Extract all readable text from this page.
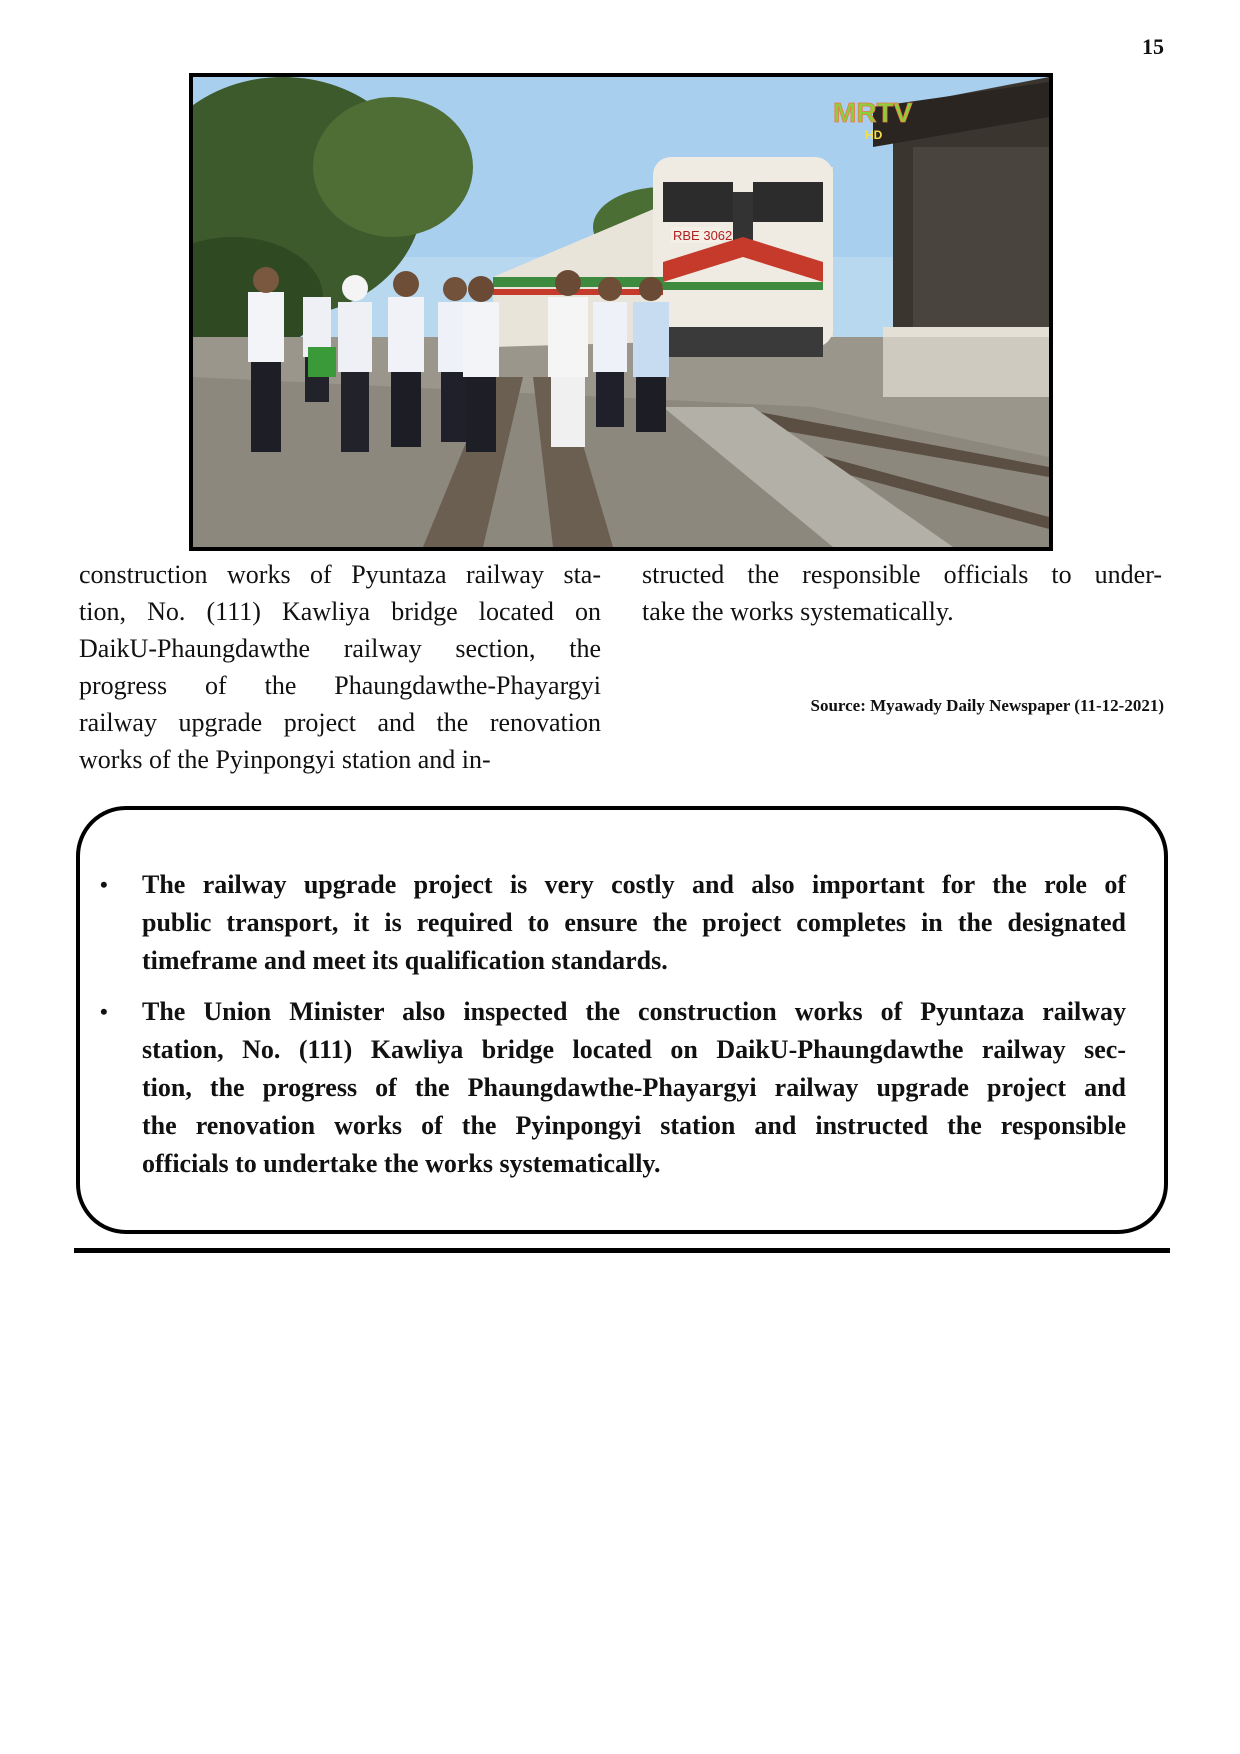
15
RBE 3062
MRTV
HD
construction works of Pyuntaza railway sta-
tion, No. (111) Kawliya bridge located on
DaikU-Phaungdawthe railway section, the
progress of the Phaungdawthe-Phayargyi
railway upgrade project and the renovation
works of the Pyinpongyi station and in-
structed the responsible officials to under-
take the works systematically.
Source: Myawady Daily Newspaper (11-12-2021)
• The railway upgrade project is very costly and also important for the role of
public transport, it is required to ensure the project completes in the designated
timeframe and meet its qualification standards.
• The Union Minister also inspected the construction works of Pyuntaza railway
station, No. (111) Kawliya bridge located on DaikU-Phaungdawthe railway sec-
tion, the progress of the Phaungdawthe-Phayargyi railway upgrade project and
the renovation works of the Pyinpongyi station and instructed the responsible
officials to undertake the works systematically.
